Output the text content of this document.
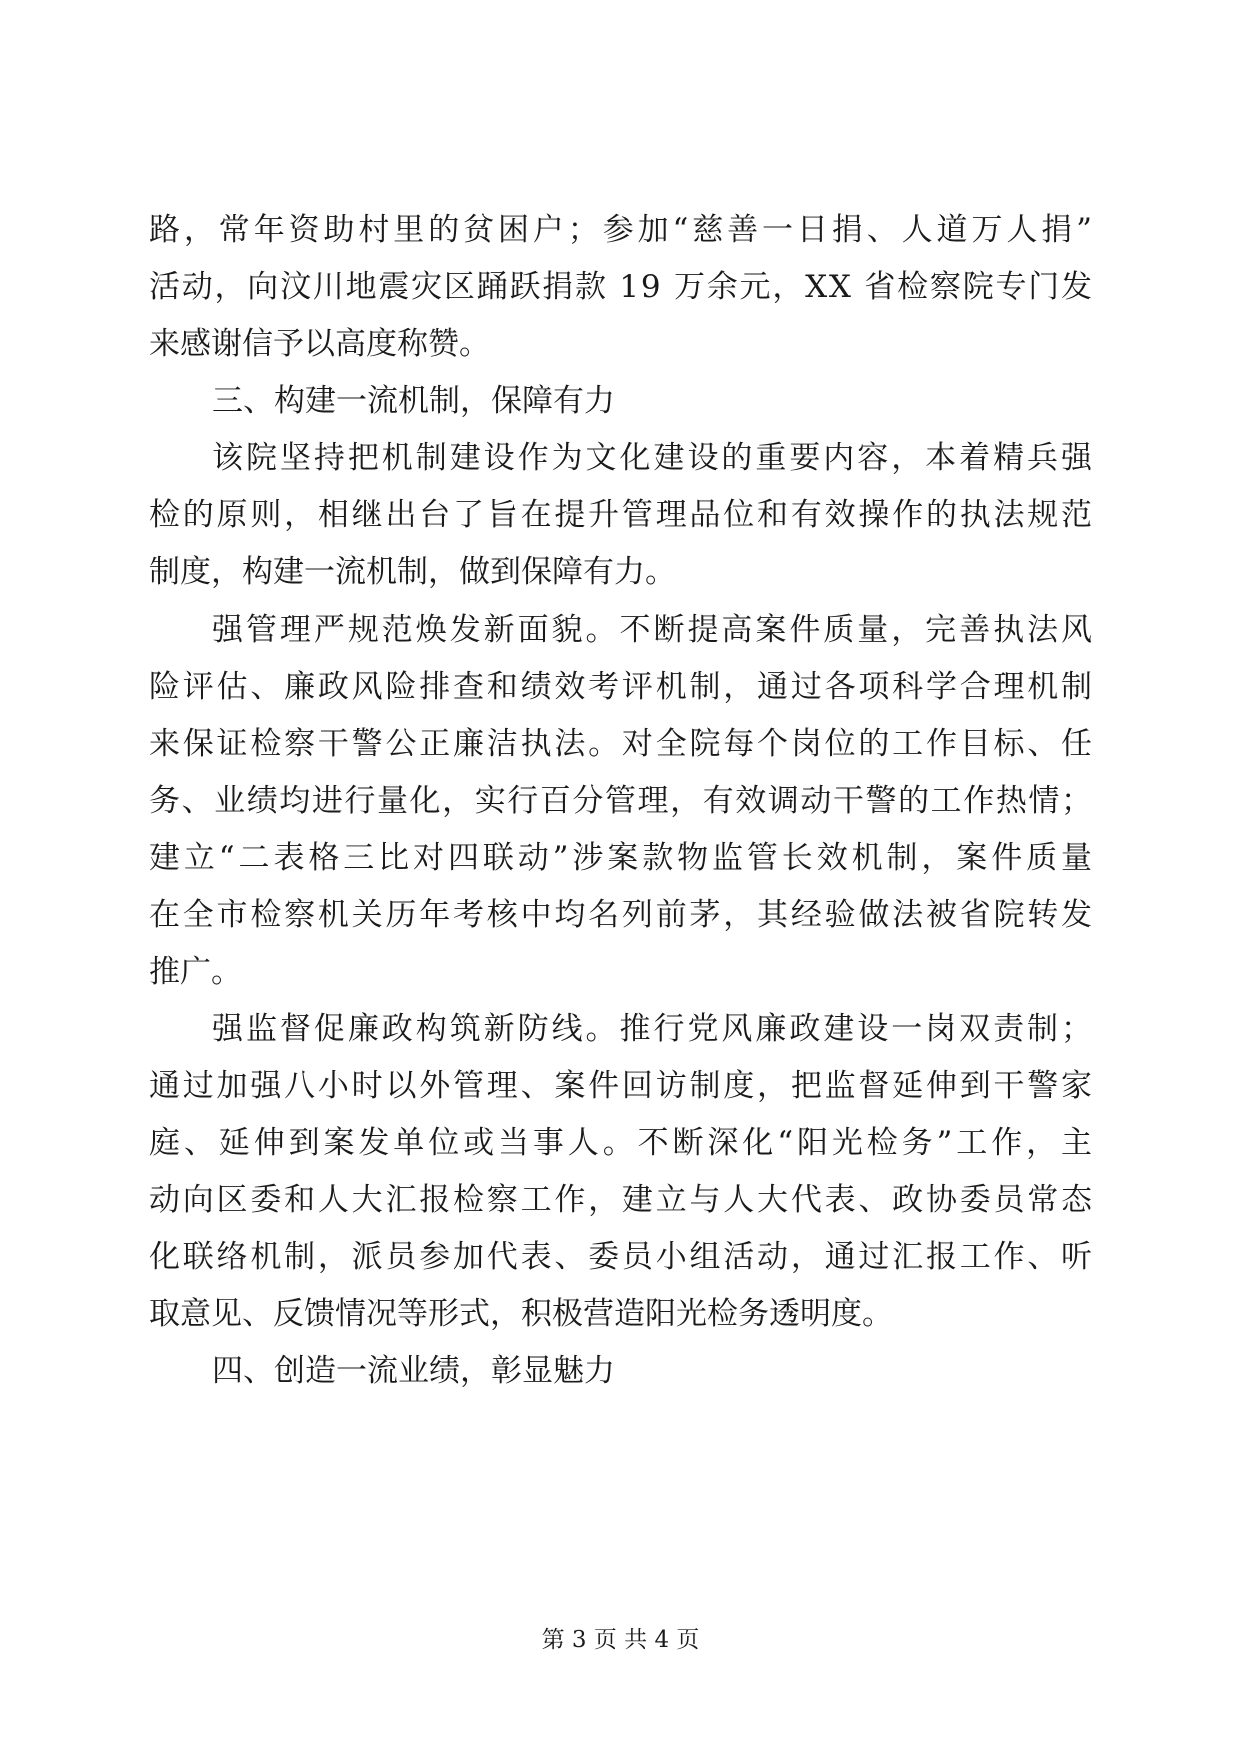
路，常年资助村里的贫困户；参加“慈善一日捐、人道万人捐”
活动，向汶川地震灾区踊跃捐款 19 万余元，XX 省检察院专门发
来感谢信予以高度称赞。
三、构建一流机制，保障有力
该院坚持把机制建设作为文化建设的重要内容，本着精兵强
检的原则，相继出台了旨在提升管理品位和有效操作的执法规范
制度，构建一流机制，做到保障有力。
强管理严规范焕发新面貌。不断提高案件质量，完善执法风
险评估、廉政风险排查和绩效考评机制，通过各项科学合理机制
来保证检察干警公正廉洁执法。对全院每个岗位的工作目标、任
务、业绩均进行量化，实行百分管理，有效调动干警的工作热情；
建立“二表格三比对四联动”涉案款物监管长效机制，案件质量
在全市检察机关历年考核中均名列前茅，其经验做法被省院转发
推广。
强监督促廉政构筑新防线。推行党风廉政建设一岗双责制；
通过加强八小时以外管理、案件回访制度，把监督延伸到干警家
庭、延伸到案发单位或当事人。不断深化“阳光检务”工作，主
动向区委和人大汇报检察工作，建立与人大代表、政协委员常态
化联络机制，派员参加代表、委员小组活动，通过汇报工作、听
取意见、反馈情况等形式，积极营造阳光检务透明度。
四、创造一流业绩，彰显魅力
第 3 页 共 4 页
